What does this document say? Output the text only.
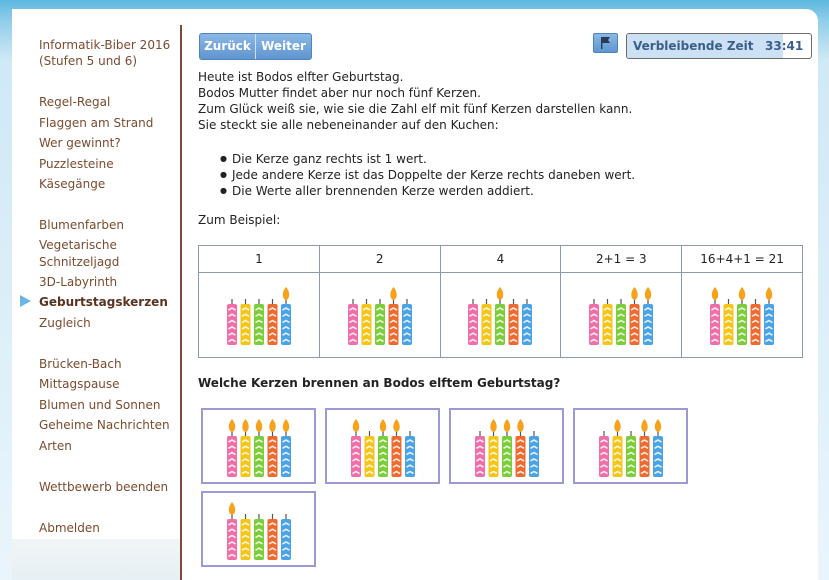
Informatik-Biber 2016
(Stufen 5 und 6)
Regel-Regal
Flaggen am Strand
Wer gewinnt?
Puzzlesteine
Käsegänge
Blumenfarben
Vegetarische
Schnitzeljagd
3D-Labyrinth
Geburtstagskerzen
Zugleich
Brücken-Bach
Mittagspause
Blumen und Sonnen
Geheime Nachrichten
Arten
Wettbewerb beenden
Abmelden
Zurück Weiter	Verbleibende Zeit 33:41
Heute ist Bodos elfter Geburtstag.
Bodos Mutter findet aber nur noch fünf Kerzen.
Zum Glück weiß sie, wie sie die Zahl elf mit fünf Kerzen darstellen kann.
Sie steckt sie alle nebeneinander auf den Kuchen:
● Die Kerze ganz rechts ist 1 wert.
● Jede andere Kerze ist das Doppelte der Kerze rechts daneben wert.
● Die Werte aller brennenden Kerze werden addiert.
Zum Beispiel:
1	2	4	2+1 = 3	16+4+1 = 21

Welche Kerzen brennen an Bodos elftem Geburtstag?
